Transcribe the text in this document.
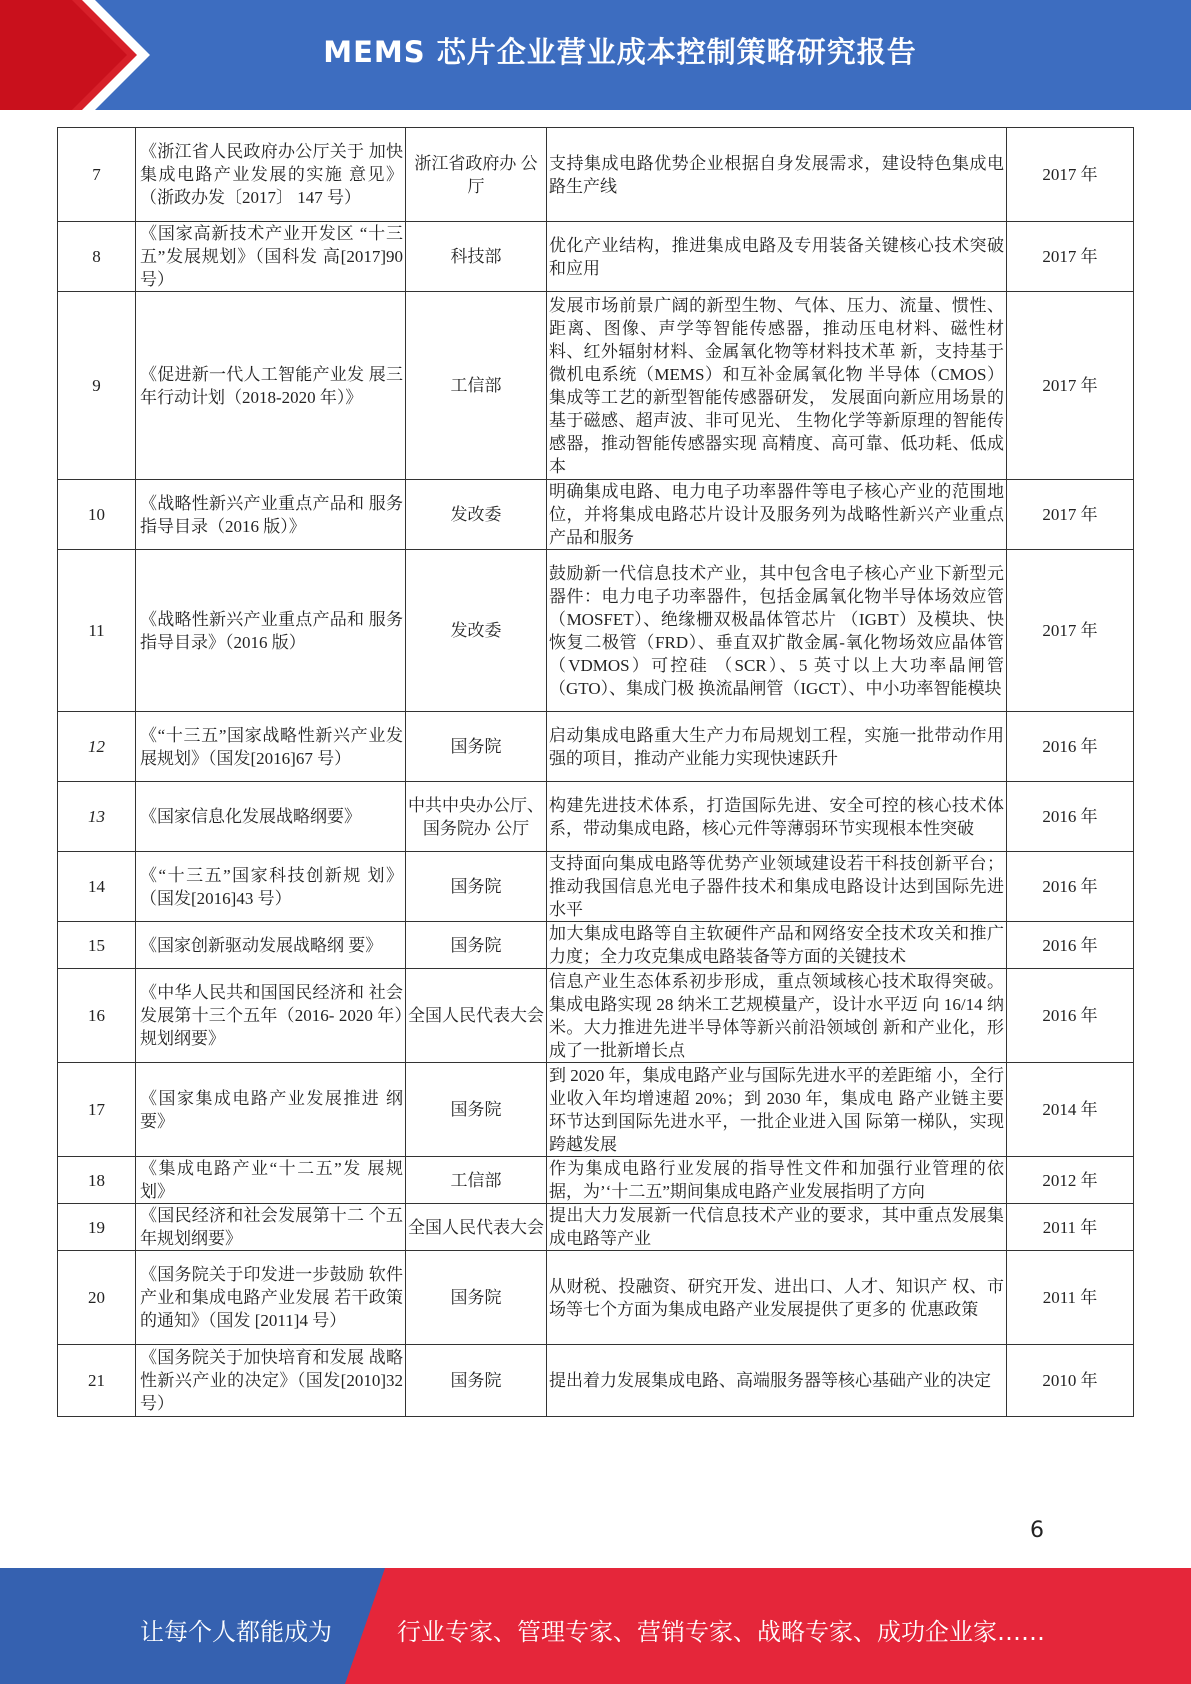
MEMS 芯片企业营业成本控制策略研究报告
7	《浙江省人民政府办公厅关于 加快集成电路产业发展的实施 意见》（浙政办发〔2017〕 147 号）	浙江省政府办 公厅	支持集成电路优势企业根据自身发展需求，建设特色集成电路生产线	2017 年
8	《国家高新技术产业开发区 “十三五”发展规划》（国科发 高[2017]90 号）	科技部	优化产业结构，推进集成电路及专用装备关键核心技术突破和应用	2017 年
9	《促进新一代人工智能产业发 展三年行动计划（2018-2020 年）》	工信部	发展市场前景广阔的新型生物、气体、压力、流量、惯性、距离、图像、声学等智能传感器，推动压电材料、磁性材料、红外辐射材料、金属氧化物等材料技术革 新，支持基于微机电系统（MEMS）和互补金属氧化物 半导体（CMOS）集成等工艺的新型智能传感器研发， 发展面向新应用场景的基于磁感、超声波、非可见光、 生物化学等新原理的智能传感器，推动智能传感器实现 高精度、高可靠、低功耗、低成本	2017 年
10	《战略性新兴产业重点产品和 服务指导目录（2016 版）》	发改委	明确集成电路、电力电子功率器件等电子核心产业的范围地位，并将集成电路芯片设计及服务列为战略性新兴产业重点产品和服务	2017 年
11	《战略性新兴产业重点产品和 服务指导目录》（2016 版）	发改委	鼓励新一代信息技术产业，其中包含电子核心产业下新型元器件：电力电子功率器件，包括金属氧化物半导体场效应管（MOSFET）、绝缘栅双极晶体管芯片 （IGBT）及模块、快恢复二极管（FRD）、垂直双扩散金属-氧化物场效应晶体管（VDMOS）可控硅 （SCR）、5 英寸以上大功率晶闸管（GTO）、集成门极 换流晶闸管（IGCT）、中小功率智能模块	2017 年
12	《“十三五”国家战略性新兴产业发展规划》（国发[2016]67 号）	国务院	启动集成电路重大生产力布局规划工程，实施一批带动作用强的项目，推动产业能力实现快速跃升	2016 年
13	《国家信息化发展战略纲要》	中共中央办公厅、国务院办 公厅	构建先进技术体系，打造国际先进、安全可控的核心技术体系，带动集成电路，核心元件等薄弱环节实现根本性突破	2016 年
14	《“十三五”国家科技创新规 划》（国发[2016]43 号）	国务院	支持面向集成电路等优势产业领域建设若干科技创新平台；推动我国信息光电子器件技术和集成电路设计达到国际先进水平	2016 年
15	《国家创新驱动发展战略纲 要》	国务院	加大集成电路等自主软硬件产品和网络安全技术攻关和推广力度；全力攻克集成电路装备等方面的关键技术	2016 年
16	《中华人民共和国国民经济和 社会发展第十三个五年（2016- 2020 年）规划纲要》	全国人民代表大会	信息产业生态体系初步形成，重点领域核心技术取得突破。集成电路实现 28 纳米工艺规模量产，设计水平迈 向 16/14 纳米。大力推进先进半导体等新兴前沿领域创 新和产业化，形成了一批新增长点	2016 年
17	《国家集成电路产业发展推进 纲要》	国务院	到 2020 年，集成电路产业与国际先进水平的差距缩 小，全行业收入年均增速超 20%；到 2030 年，集成电 路产业链主要环节达到国际先进水平，一批企业进入国 际第一梯队，实现跨越发展	2014 年
18	《集成电路产业“十二五”发 展规划》	工信部	作为集成电路行业发展的指导性文件和加强行业管理的依据，为’‘十二五”期间集成电路产业发展指明了方向	2012 年
19	《国民经济和社会发展第十二 个五年规划纲要》	全国人民代表大会	提出大力发展新一代信息技术产业的要求，其中重点发展集成电路等产业	2011 年
20	《国务院关于印发进一步鼓励 软件产业和集成电路产业发展 若干政策的通知》（国发 [2011]4 号）	国务院	从财税、投融资、研究开发、进出口、人才、知识产 权、市场等七个方面为集成电路产业发展提供了更多的 优惠政策	2011 年
21	《国务院关于加快培育和发展 战略性新兴产业的决定》（国发[2010]32 号）	国务院	提出着力发展集成电路、高端服务器等核心基础产业的决定	2010 年
6
让每个人都能成为	行业专家、管理专家、营销专家、战略专家、成功企业家……
